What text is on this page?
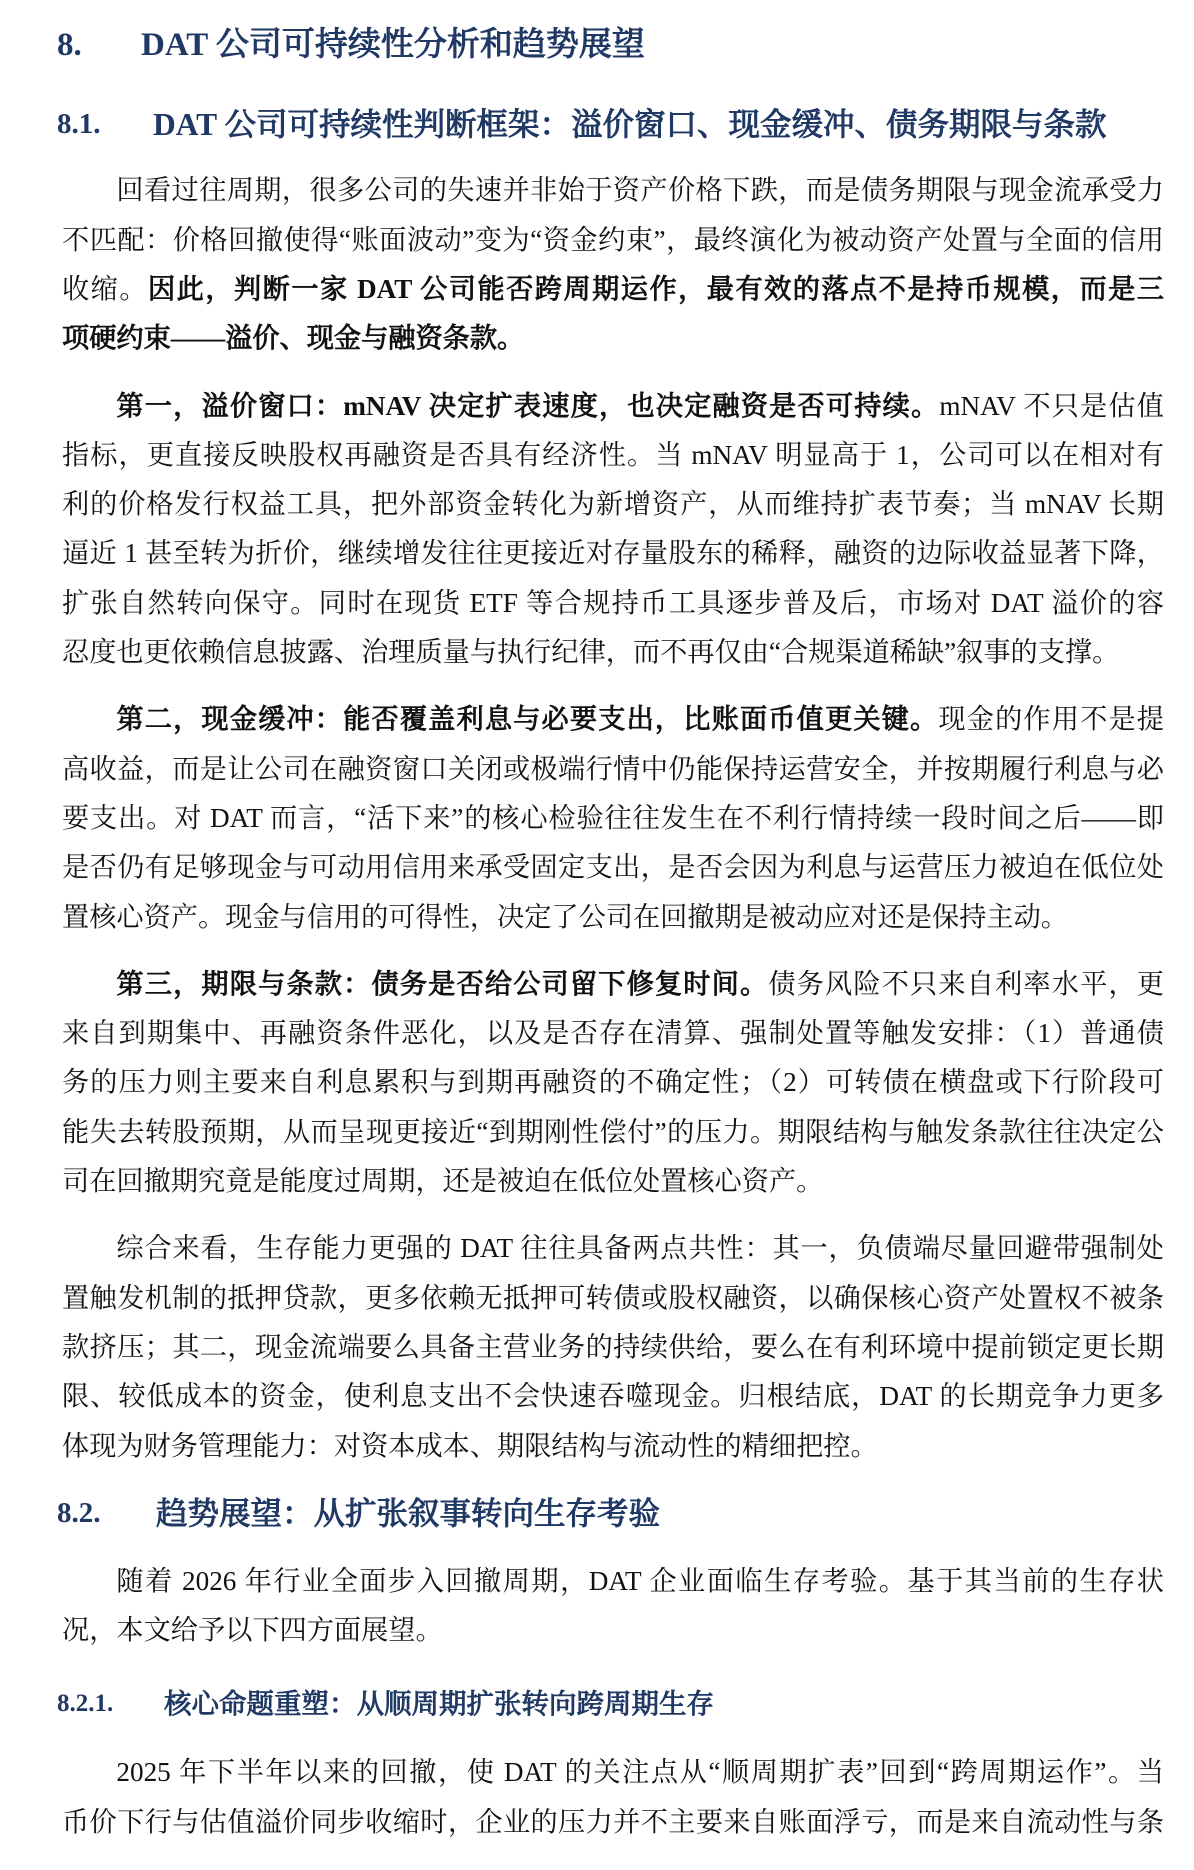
8. DAT 公司可持续性分析和趋势展望
8.1. DAT 公司可持续性判断框架：溢价窗口、现金缓冲、债务期限与条款
回看过往周期，很多公司的失速并非始于资产价格下跌，而是债务期限与现金流承受力
不匹配：价格回撤使得“账面波动”变为“资金约束”，最终演化为被动资产处置与全面的信用
收缩。因此，判断一家 DAT 公司能否跨周期运作，最有效的落点不是持币规模，而是三
项硬约束——溢价、现金与融资条款。
第一，溢价窗口：mNAV 决定扩表速度，也决定融资是否可持续。mNAV 不只是估值
指标，更直接反映股权再融资是否具有经济性。当 mNAV 明显高于 1，公司可以在相对有
利的价格发行权益工具，把外部资金转化为新增资产，从而维持扩表节奏；当 mNAV 长期
逼近 1 甚至转为折价，继续增发往往更接近对存量股东的稀释，融资的边际收益显著下降，
扩张自然转向保守。同时在现货 ETF 等合规持币工具逐步普及后，市场对 DAT 溢价的容
忍度也更依赖信息披露、治理质量与执行纪律，而不再仅由“合规渠道稀缺”叙事的支撑。
第二，现金缓冲：能否覆盖利息与必要支出，比账面币值更关键。现金的作用不是提
高收益，而是让公司在融资窗口关闭或极端行情中仍能保持运营安全，并按期履行利息与必
要支出。对 DAT 而言，“活下来”的核心检验往往发生在不利行情持续一段时间之后——即
是否仍有足够现金与可动用信用来承受固定支出，是否会因为利息与运营压力被迫在低位处
置核心资产。现金与信用的可得性，决定了公司在回撤期是被动应对还是保持主动。
第三，期限与条款：债务是否给公司留下修复时间。债务风险不只来自利率水平，更
来自到期集中、再融资条件恶化，以及是否存在清算、强制处置等触发安排：（1）普通债
务的压力则主要来自利息累积与到期再融资的不确定性；（2）可转债在横盘或下行阶段可
能失去转股预期，从而呈现更接近“到期刚性偿付”的压力。期限结构与触发条款往往决定公
司在回撤期究竟是能度过周期，还是被迫在低位处置核心资产。
综合来看，生存能力更强的 DAT 往往具备两点共性：其一，负债端尽量回避带强制处
置触发机制的抵押贷款，更多依赖无抵押可转债或股权融资，以确保核心资产处置权不被条
款挤压；其二，现金流端要么具备主营业务的持续供给，要么在有利环境中提前锁定更长期
限、较低成本的资金，使利息支出不会快速吞噬现金。归根结底，DAT 的长期竞争力更多
体现为财务管理能力：对资本成本、期限结构与流动性的精细把控。
8.2. 趋势展望：从扩张叙事转向生存考验
随着 2026 年行业全面步入回撤周期，DAT 企业面临生存考验。基于其当前的生存状
况，本文给予以下四方面展望。
8.2.1. 核心命题重塑：从顺周期扩张转向跨周期生存
2025 年下半年以来的回撤，使 DAT 的关注点从“顺周期扩表”回到“跨周期运作”。当
币价下行与估值溢价同步收缩时，企业的压力并不主要来自账面浮亏，而是来自流动性与条
